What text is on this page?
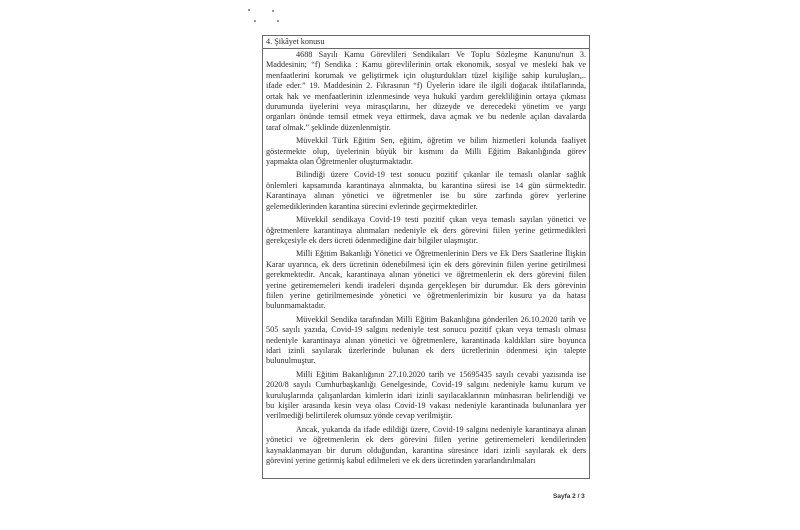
4. Şikâyet konusu
4688 Sayılı Kamu Görevlileri Sendikaları Ve Toplu Sözleşme Kanunu'nun 3.
Maddesinin; “f) Sendika : Kamu görevlilerinin ortak ekonomik, sosyal ve mesleki hak ve
menfaatlerini korumak ve geliştirmek için oluşturdukları tüzel kişiliğe sahip kuruluşları,..
ifade eder.” 19. Maddesinin 2. Fıkrasının “f) Üyelerin idare ile ilgili doğacak ihtilaflarında,
ortak hak ve menfaatlerinin izlenmesinde veya hukukî yardım gerekliliğinin ortaya çıkması
durumunda üyelerini veya mirasçılarını, her düzeyde ve derecedeki yönetim ve yargı
organları önünde temsil etmek veya ettirmek, dava açmak ve bu nedenle açılan davalarda
taraf olmak.” şeklinde düzenlenmiştir.
Müvekkil Türk Eğitim Sen, eğitim, öğretim ve bilim hizmetleri kolunda faaliyet
göstermekte olup, üyelerinin büyük bir kısmını da Milli Eğitim Bakanlığında görev
yapmakta olan Öğretmenler oluşturmaktadır.
Bilindiği üzere Covid-19 test sonucu pozitif çıkanlar ile temaslı olanlar sağlık
önlemleri kapsamında karantinaya alınmakta, bu karantina süresi ise 14 gün sürmektedir.
Karantinaya alınan yönetici ve öğretmenler ise bu süre zarfında görev yerlerine
gelemediklerinden karantina sürecini evlerinde geçirmektedirler.
Müvekkil sendikaya Covid-19 testi pozitif çıkan veya temaslı sayılan yönetici ve
öğretmenlere karantinaya alınmaları nedeniyle ek ders görevini fiilen yerine getirmedikleri
gerekçesiyle ek ders ücreti ödenmediğine dair bilgiler ulaşmıştır.
Milli Eğitim Bakanlığı Yönetici ve Öğretmenlerinin Ders ve Ek Ders Saatlerine İlişkin
Karar uyarınca, ek ders ücretinin ödenebilmesi için ek ders görevinin fiilen yerine getirilmesi
gerekmektedir. Ancak, karantinaya alınan yönetici ve öğretmenlerin ek ders görevini fiilen
yerine getirememeleri kendi iradeleri dışında gerçekleşen bir durumdur. Ek ders görevinin
fiilen yerine getirilmemesinde yönetici ve öğretmenlerimizin bir kusuru ya da hatası
bulunmamaktadır.
Müvekkil Sendika tarafından Milli Eğitim Bakanlığına gönderilen 26.10.2020 tarih ve
505 sayılı yazıda, Covid-19 salgını nedeniyle test sonucu pozitif çıkan veya temaslı olması
nedeniyle karantinaya alınan yönetici ve öğretmenlere, karantinada kaldıkları süre boyunca
idari izinli sayılarak üzerlerinde bulunan ek ders ücretlerinin ödenmesi için talepte
bulunulmuştur.
Milli Eğitim Bakanlığının 27.10.2020 tarih ve 15695435 sayılı cevabi yazısında ise
2020/8 sayılı Cumhurbaşkanlığı Genelgesinde, Covid-19 salgını nedeniyle kamu kurum ve
kuruluşlarında çalışanlardan kimlerin idari izinli sayılacaklarının münhasıran belirlendiği ve
bu kişiler arasında kesin veya olası Covid-19 vakası nedeniyle karantinada bulunanlara yer
verilmediği belirtilerek olumsuz yönde cevap verilmiştir.
Ancak, yukarıda da ifade edildiği üzere, Covid-19 salgını nedeniyle karantinaya alınan
yönetici ve öğretmenlerin ek ders görevini fiilen yerine getirememeleri kendilerinden
kaynaklanmayan bir durum olduğundan, karantina süresince idari izinli sayılarak ek ders
görevini yerine getirmiş kabul edilmeleri ve ek ders ücretinden yararlandırılmaları
Sayfa 2 / 3
